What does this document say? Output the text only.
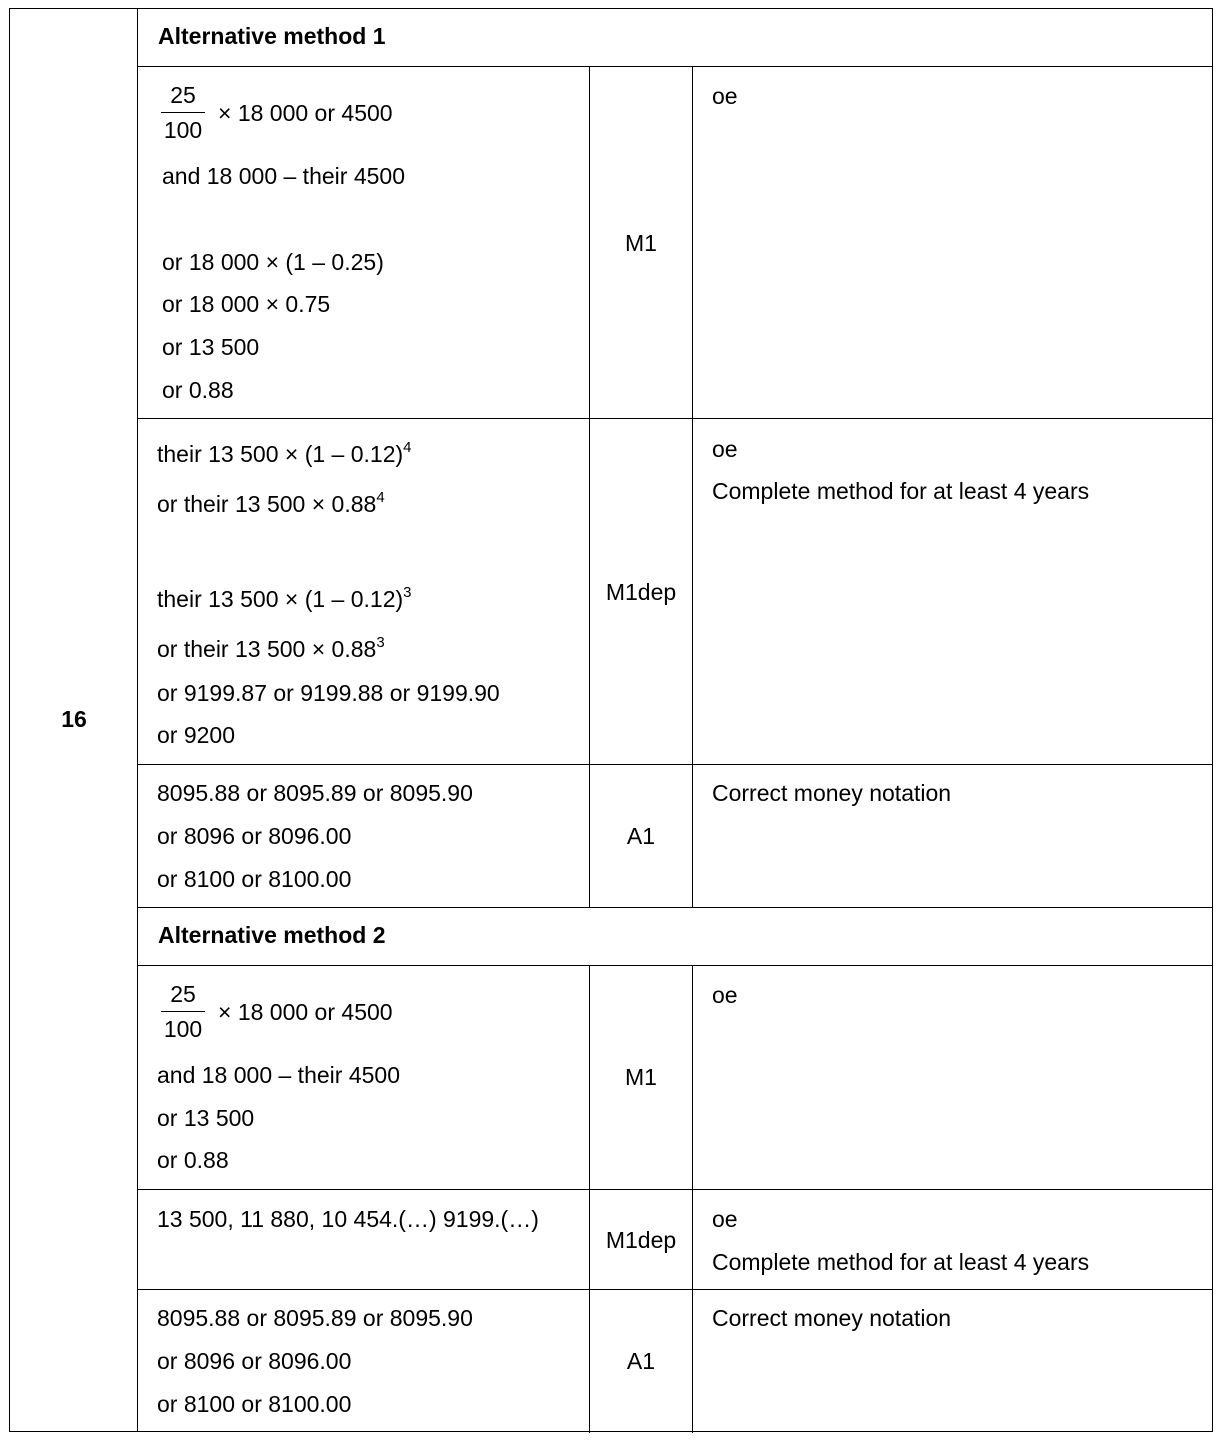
16
Alternative method 1
25
100
× 18 000 or 4500
and 18 000 – their 4500
or 18 000 × (1 – 0.25)
or 18 000 × 0.75
or 13 500
or 0.88
M1
oe
their 13 500 × (1 – 0.12)$^4$
or their 13 $500 \times 0.88^4$
their 13 500 × (1 – 0.12)$^3$
or their 13 $500 \times 0.88^3$
or 9199.87 or 9199.88 or 9199.90
or 9200
M1dep
oe
Complete method for at least 4 years
8095.88 or 8095.89 or 8095.90
or 8096 or 8096.00
or 8100 or 8100.00
A1
Correct money notation
Alternative method 2
25
100
× 18 000 or 4500
and 18 000 – their 4500
or 13 500
or 0.88
M1
oe
13 500, 11 880, 10 454.(…) 9199.(…)
M1dep
oe
Complete method for at least 4 years
8095.88 or 8095.89 or 8095.90
or 8096 or 8096.00
or 8100 or 8100.00
A1
Correct money notation
